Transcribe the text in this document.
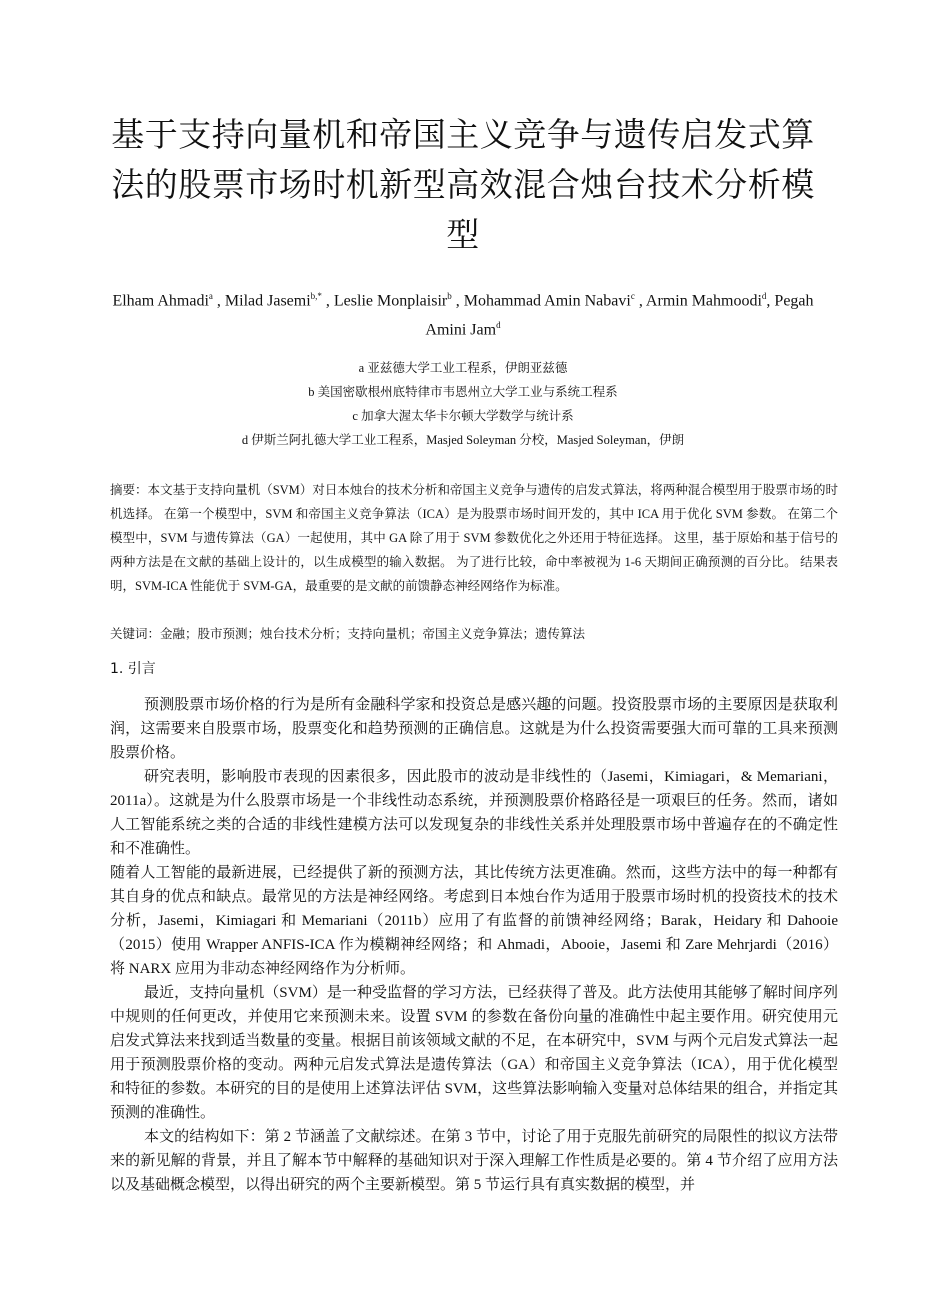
基于支持向量机和帝国主义竞争与遗传启发式算
法的股票市场时机新型高效混合烛台技术分析模
型
Elham Ahmadi$^a$ , Milad Jasemi$^{b,*}$ , Leslie Monplaisir$^b$ , Mohammad Amin Nabavi$^c$ , Armin Mahmoodi$^d$, Pegah Amini Jam$^d$
a 亚兹德大学工业工程系，伊朗亚兹德
b 美国密歇根州底特律市韦恩州立大学工业与系统工程系
c 加拿大渥太华卡尔顿大学数学与统计系
d 伊斯兰阿扎德大学工业工程系，Masjed Soleyman 分校，Masjed Soleyman，伊朗
摘要：本文基于支持向量机（SVM）对日本烛台的技术分析和帝国主义竞争与遗传的启发式算法，将两种混合模型用于股票市场的时机选择。 在第一个模型中，SVM 和帝国主义竞争算法（ICA）是为股票市场时间开发的，其中 ICA 用于优化 SVM 参数。 在第二个模型中，SVM 与遗传算法（GA）一起使用，其中 GA 除了用于 SVM 参数优化之外还用于特征选择。 这里，基于原始和基于信号的两种方法是在文献的基础上设计的，以生成模型的输入数据。 为了进行比较，命中率被视为 1-6 天期间正确预测的百分比。 结果表明，SVM-ICA 性能优于 SVM-GA，最重要的是文献的前馈静态神经网络作为标准。
关键词：金融；股市预测；烛台技术分析；支持向量机；帝国主义竞争算法；遗传算法
1. 引言

预测股票市场价格的行为是所有金融科学家和投资总是感兴趣的问题。投资股票市场的主要原因是获取利润，这需要来自股票市场，股票变化和趋势预测的正确信息。这就是为什么投资需要强大而可靠的工具来预测股票价格。

研究表明，影响股市表现的因素很多，因此股市的波动是非线性的（Jasemi，Kimiagari，& Memariani，2011a）。这就是为什么股票市场是一个非线性动态系统，并预测股票价格路径是一项艰巨的任务。然而，诸如人工智能系统之类的合适的非线性建模方法可以发现复杂的非线性关系并处理股票市场中普遍存在的不确定性和不准确性。

随着人工智能的最新进展，已经提供了新的预测方法，其比传统方法更准确。然而，这些方法中的每一种都有其自身的优点和缺点。最常见的方法是神经网络。考虑到日本烛台作为适用于股票市场时机的投资技术的技术分析，Jasemi，Kimiagari 和 Memariani（2011b）应用了有监督的前馈神经网络；Barak，Heidary 和 Dahooie（2015）使用 Wrapper ANFIS-ICA 作为模糊神经网络；和 Ahmadi，Abooie，Jasemi 和 Zare Mehrjardi（2016）将 NARX 应用为非动态神经网络作为分析师。

最近，支持向量机（SVM）是一种受监督的学习方法，已经获得了普及。此方法使用其能够了解时间序列中规则的任何更改，并使用它来预测未来。设置 SVM 的参数在备份向量的准确性中起主要作用。研究使用元启发式算法来找到适当数量的变量。根据目前该领域文献的不足，在本研究中，SVM 与两个元启发式算法一起用于预测股票价格的变动。两种元启发式算法是遗传算法（GA）和帝国主义竞争算法（ICA），用于优化模型和特征的参数。本研究的目的是使用上述算法评估 SVM，这些算法影响输入变量对总体结果的组合，并指定其预测的准确性。

本文的结构如下：第 2 节涵盖了文献综述。在第 3 节中，讨论了用于克服先前研究的局限性的拟议方法带来的新见解的背景，并且了解本节中解释的基础知识对于深入理解工作性质是必要的。第 4 节介绍了应用方法以及基础概念模型，以得出研究的两个主要新模型。第 5 节运行具有真实数据的模型，并
